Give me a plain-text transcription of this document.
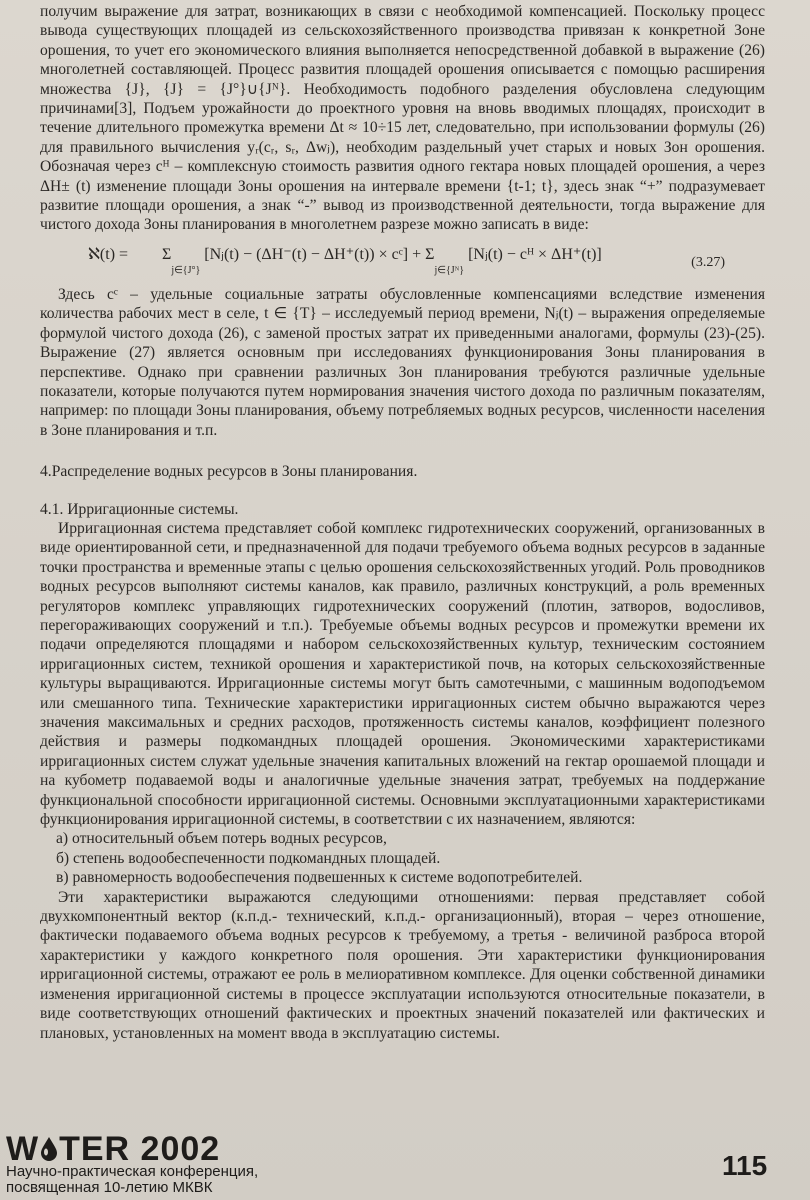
получим выражение для затрат, возникающих в связи с необходимой компенсацией. Поскольку процесс вывода существующих площадей из сельскохозяйственного производства привязан к конкретной Зоне орошения, то учет его экономического влияния выполняется непосредственной добавкой в выражение (26) многолетней составляющей. Процесс развития площадей орошения описывается с помощью расширения множества {J}, {J} = {J°}∪{Jᴺ}. Необходимость подобного разделения обусловлена следующим причинами[3], Подъем урожайности до проектного уровня на вновь вводимых площадях, происходит в течение длительного промежутка времени Δt ≈ 10÷15 лет, следовательно, при использовании формулы (26) для правильного вычисления yᵣ(cᵣ, sᵣ, Δwⱼ), необходим раздельный учет старых и новых Зон орошения. Обозначая через cᴴ – комплексную стоимость развития одного гектара новых площадей орошения, а через ΔH± (t) изменение площади Зоны орошения на интервале времени {t-1; t}, здесь знак “+” подразумевает развитие площади орошения, а знак “-” вывод из производственной деятельности, тогда выражение для чистого дохода Зоны планирования в многолетнем разрезе можно записать в виде:

ℵ(t) = $\Sigma_{j\in\{J^\circ\}}$ [Nⱼ(t) − (ΔH⁻(t) − ΔH⁺(t)) × cᶜ] + $\Sigma_{j\in\{Jᴺ\}}$ [Nⱼ(t) − cᴴ × ΔH⁺(t)]	(3.27)

Здесь cᶜ – удельные социальные затраты обусловленные компенсациями вследствие изменения количества рабочих мест в селе, t ∈ {T} – исследуемый период времени, Nⱼ(t) – выражения определяемые формулой чистого дохода (26), с заменой простых затрат их приведенными аналогами, формулы (23)-(25). Выражение (27) является основным при исследованиях функционирования Зоны планирования в перспективе. Однако при сравнении различных Зон планирования требуются различные удельные показатели, которые получаются путем нормирования значения чистого дохода по различным показателям, например: по площади Зоны планирования, объему потребляемых водных ресурсов, численности населения в Зоне планирования и т.п.

4.Распределение водных ресурсов в Зоны планирования.

4.1. Ирригационные системы.

Ирригационная система представляет собой комплекс гидротехнических сооружений, организованных в виде ориентированной сети, и предназначенной для подачи требуемого объема водных ресурсов в заданные точки пространства и временные этапы с целью орошения сельскохозяйственных угодий. Роль проводников водных ресурсов выполняют системы каналов, как правило, различных конструкций, а роль временных регуляторов комплекс управляющих гидротехнических сооружений (плотин, затворов, водосливов, перегораживающих сооружений и т.п.). Требуемые объемы водных ресурсов и промежутки времени их подачи определяются площадями и набором сельскохозяйственных культур, техническим состоянием ирригационных систем, техникой орошения и характеристикой почв, на которых сельскохозяйственные культуры выращиваются. Ирригационные системы могут быть самотечными, с машинным водоподъемом или смешанного типа. Технические характеристики ирригационных систем обычно выражаются через значения максимальных и средних расходов, протяженность системы каналов, коэффициент полезного действия и размеры подкомандных площадей орошения. Экономическими характеристиками ирригационных систем служат удельные значения капитальных вложений на гектар орошаемой площади и на кубометр подаваемой воды и аналогичные удельные значения затрат, требуемых на поддержание функциональной способности ирригационной системы. Основными эксплуатационными характеристиками функционирования ирригационной системы, в соответствии с их назначением, являются:

а) относительный объем потерь водных ресурсов,

б) степень водообеспеченности подкомандных площадей.

в) равномерность водообеспечения подвешенных к системе водопотребителей.

Эти характеристики выражаются следующими отношениями: первая представляет собой двухкомпонентный вектор (к.п.д.- технический, к.п.д.- организационный), вторая – через отношение, фактически подаваемого объема водных ресурсов к требуемому, а третья - величиной разброса второй характеристики у каждого конкретного поля орошения. Эти характеристики функционирования ирригационной системы, отражают ее роль в мелиоративном комплексе. Для оценки собственной динамики изменения ирригационной системы в процессе эксплуатации используются относительные показатели, в виде соответствующих отношений фактических и проектных значений показателей или фактических и плановых, установленных на момент ввода в эксплуатацию системы.

W TER 2002
Научно-практическая конференция,
посвященная 10-летию МКВК
115
